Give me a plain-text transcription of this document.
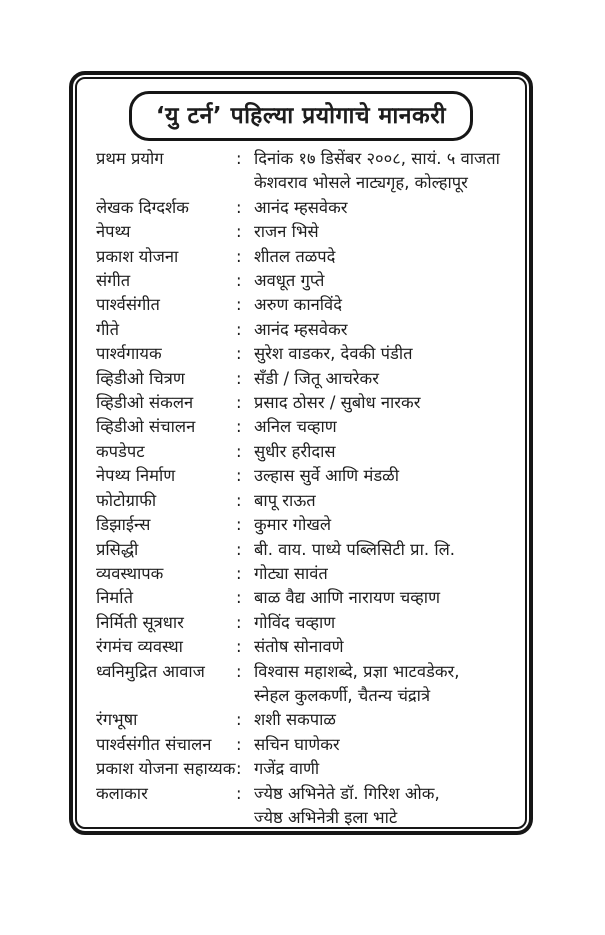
‘यु टर्न’ पहिल्या प्रयोगाचे मानकरी
प्रथम प्रयोग	: दिनांक १७ डिसेंबर २००८, सायं. ५ वाजता
केशवराव भोसले नाट्यगृह, कोल्हापूर
लेखक दिग्दर्शक	: आनंद म्हसवेकर
नेपथ्य	: राजन भिसे
प्रकाश योजना	: शीतल तळपदे
संगीत	: अवधूत गुप्ते
पार्श्वसंगीत	: अरुण कानविंदे
गीते	: आनंद म्हसवेकर
पार्श्वगायक	: सुरेश वाडकर, देवकी पंडीत
व्हिडीओ चित्रण	: सँडी / जितू आचरेकर
व्हिडीओ संकलन	: प्रसाद ठोसर / सुबोध नारकर
व्हिडीओ संचालन	: अनिल चव्हाण
कपडेपट	: सुधीर हरीदास
नेपथ्य निर्माण	: उल्हास सुर्वे आणि मंडळी
फोटोग्राफी	: बापू राऊत
डिझाईन्स	: कुमार गोखले
प्रसिद्धी	: बी. वाय. पाध्ये पब्लिसिटी प्रा. लि.
व्यवस्थापक	: गोट्या सावंत
निर्माते	: बाळ वैद्य आणि नारायण चव्हाण
निर्मिती सूत्रधार	: गोविंद चव्हाण
रंगमंच व्यवस्था	: संतोष सोनावणे
ध्वनिमुद्रित आवाज	: विश्वास महाशब्दे, प्रज्ञा भाटवडेकर,
स्नेहल कुलकर्णी, चैतन्य चंद्रात्रे
रंगभूषा	: शशी सकपाळ
पार्श्वसंगीत संचालन	: सचिन घाणेकर
प्रकाश योजना सहाय्यक : गजेंद्र वाणी
कलाकार	: ज्येष्ठ अभिनेते डॉ. गिरिश ओक,
ज्येष्ठ अभिनेत्री इला भाटे
